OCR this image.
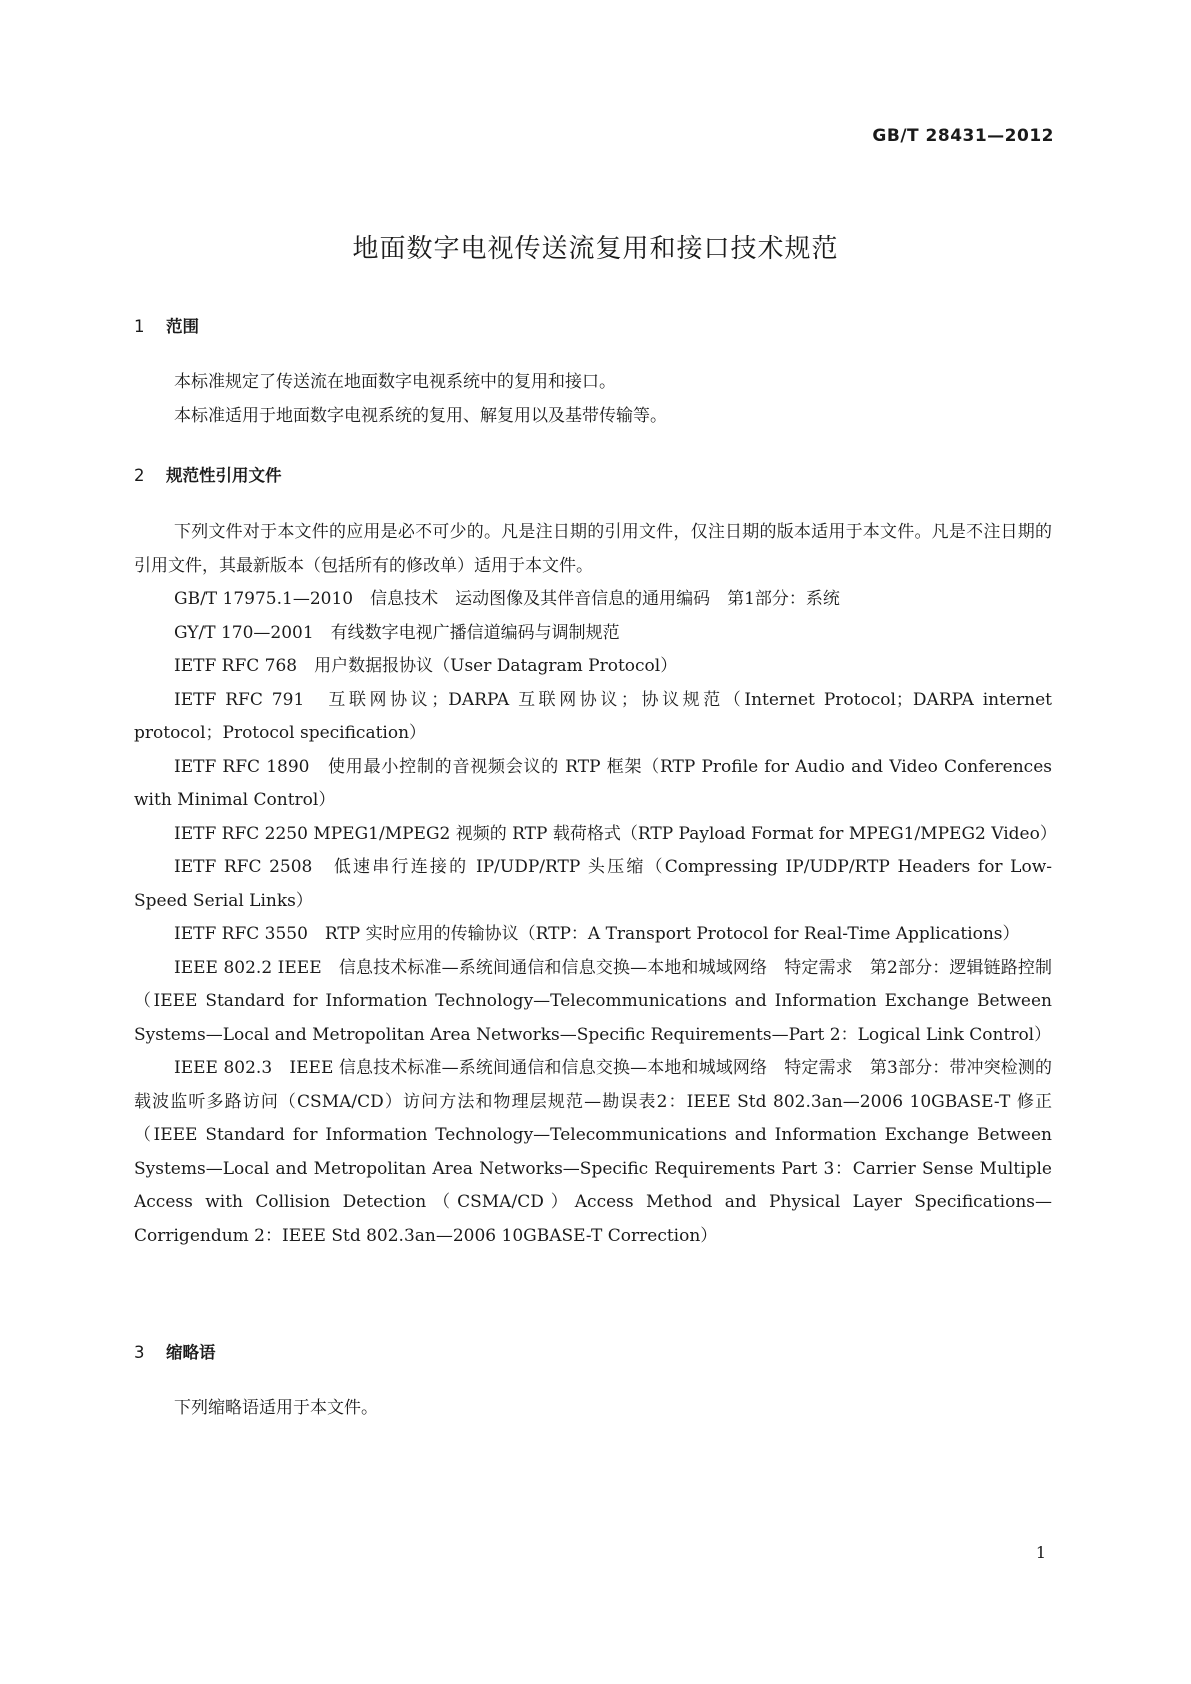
GB/T 28431—2012
地面数字电视传送流复用和接口技术规范
1 范围

本标准规定了传送流在地面数字电视系统中的复用和接口。

本标准适用于地面数字电视系统的复用、解复用以及基带传输等。

2 规范性引用文件

下列文件对于本文件的应用是必不可少的。凡是注日期的引用文件，仅注日期的版本适用于本文件。凡是不注日期的引用文件，其最新版本（包括所有的修改单）适用于本文件。

GB/T 17975.1—2010　信息技术　运动图像及其伴音信息的通用编码　第1部分：系统

GY/T 170—2001　有线数字电视广播信道编码与调制规范

IETF RFC 768　用户数据报协议（User Datagram Protocol）

IETF RFC 791　互联网协议；DARPA 互联网协议；协议规范（Internet Protocol；DARPA internet protocol；Protocol specification）

IETF RFC 1890　使用最小控制的音视频会议的 RTP 框架（RTP Profile for Audio and Video Conferences with Minimal Control）

IETF RFC 2250 MPEG1/MPEG2 视频的 RTP 载荷格式（RTP Payload Format for MPEG1/MPEG2 Video）

IETF RFC 2508　低速串行连接的 IP/UDP/RTP 头压缩（Compressing IP/UDP/RTP Headers for Low-Speed Serial Links）

IETF RFC 3550　RTP 实时应用的传输协议（RTP：A Transport Protocol for Real-Time Applications）

IEEE 802.2 IEEE　信息技术标准—系统间通信和信息交换—本地和城域网络　特定需求　第2部分：逻辑链路控制（IEEE Standard for Information Technology—Telecommunications and Information Exchange Between Systems—Local and Metropolitan Area Networks—Specific Requirements—Part 2：Logical Link Control）

IEEE 802.3　IEEE 信息技术标准—系统间通信和信息交换—本地和城域网络　特定需求　第3部分：带冲突检测的载波监听多路访问（CSMA/CD）访问方法和物理层规范—勘误表2：IEEE Std 802.3an—2006 10GBASE-T 修正（IEEE Standard for Information Technology—Telecommunications and Information Exchange Between Systems—Local and Metropolitan Area Networks—Specific Requirements Part 3：Carrier Sense Multiple Access with Collision Detection（CSMA/CD）Access Method and Physical Layer Specifications—Corrigendum 2：IEEE Std 802.3an—2006 10GBASE-T Correction）

3 缩略语

下列缩略语适用于本文件。

1
